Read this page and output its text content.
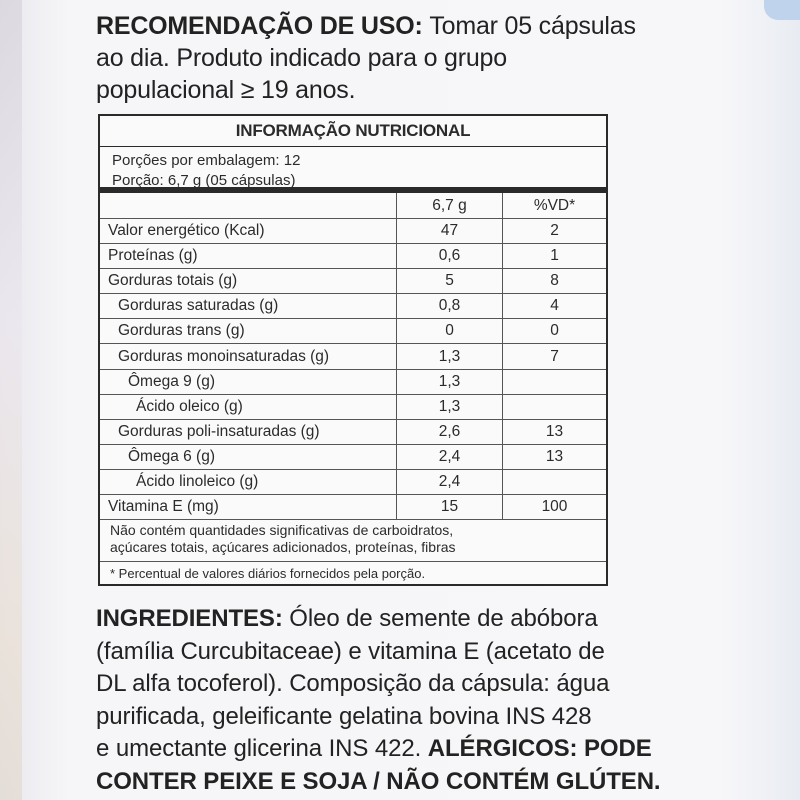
RECOMENDAÇÃO DE USO: Tomar 05 cápsulas
ao dia. Produto indicado para o grupo
populacional ≥ 19 anos.
INFORMAÇÃO NUTRICIONAL
Porções por embalagem: 12
Porção: 6,7 g (05 cápsulas)
	6,7 g	%VD*
Valor energético (Kcal)	47	2
Proteínas (g)	0,6	1
Gorduras totais (g)	5	8
Gorduras saturadas (g)	0,8	4
Gorduras trans (g)	0	0
Gorduras monoinsaturadas (g)	1,3	7
Ômega 9 (g)	1,3	
Ácido oleico (g)	1,3	
Gorduras poli-insaturadas (g)	2,6	13
Ômega 6 (g)	2,4	13
Ácido linoleico (g)	2,4	
Vitamina E (mg)	15	100
Não contém quantidades significativas de carboidratos,
açúcares totais, açúcares adicionados, proteínas, fibras
* Percentual de valores diários fornecidos pela porção.
INGREDIENTES: Óleo de semente de abóbora
(família Curcubitaceae) e vitamina E (acetato de
DL alfa tocoferol). Composição da cápsula: água
purificada, geleificante gelatina bovina INS 428
e umectante glicerina INS 422. ALÉRGICOS: PODE
CONTER PEIXE E SOJA / NÃO CONTÉM GLÚTEN.
